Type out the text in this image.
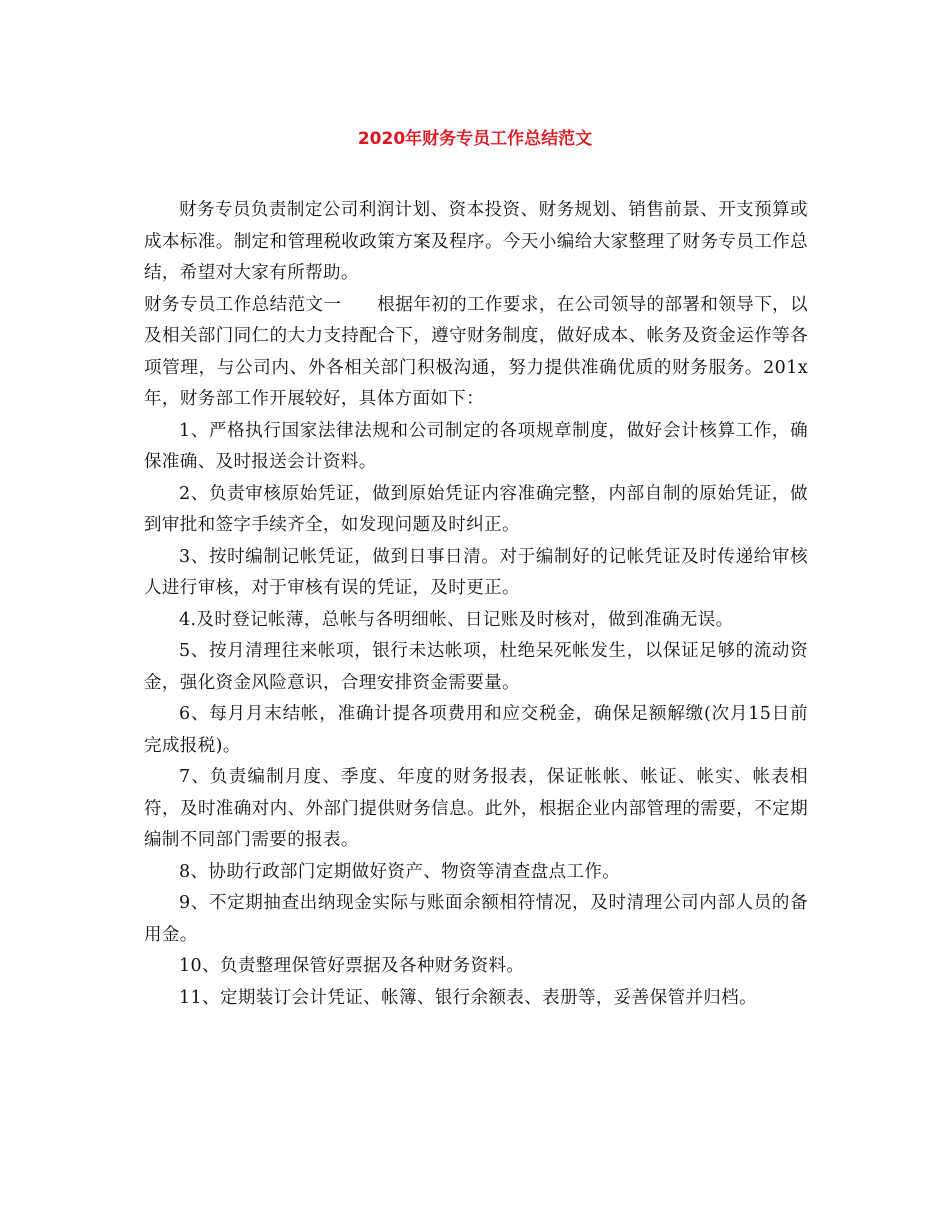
2020年财务专员工作总结范文

财务专员负责制定公司利润计划、资本投资、财务规划、销售前景、开支预算或成本标准。制定和管理税收政策方案及程序。今天小编给大家整理了财务专员工作总结，希望对大家有所帮助。

财务专员工作总结范文一　　根据年初的工作要求，在公司领导的部署和领导下，以及相关部门同仁的大力支持配合下，遵守财务制度，做好成本、帐务及资金运作等各项管理，与公司内、外各相关部门积极沟通，努力提供准确优质的财务服务。201x年，财务部工作开展较好，具体方面如下：

1、严格执行国家法律法规和公司制定的各项规章制度，做好会计核算工作，确保准确、及时报送会计资料。

2、负责审核原始凭证，做到原始凭证内容准确完整，内部自制的原始凭证，做到审批和签字手续齐全，如发现问题及时纠正。

3、按时编制记帐凭证，做到日事日清。对于编制好的记帐凭证及时传递给审核人进行审核，对于审核有误的凭证，及时更正。

4.及时登记帐薄，总帐与各明细帐、日记账及时核对，做到准确无误。

5、按月清理往来帐项，银行未达帐项，杜绝呆死帐发生，以保证足够的流动资金，强化资金风险意识，合理安排资金需要量。

6、每月月末结帐，准确计提各项费用和应交税金，确保足额解缴(次月15日前完成报税)。

7、负责编制月度、季度、年度的财务报表，保证帐帐、帐证、帐实、帐表相符，及时准确对内、外部门提供财务信息。此外，根据企业内部管理的需要，不定期编制不同部门需要的报表。

8、协助行政部门定期做好资产、物资等清查盘点工作。

9、不定期抽查出纳现金实际与账面余额相符情况，及时清理公司内部人员的备用金。

10、负责整理保管好票据及各种财务资料。

11、定期装订会计凭证、帐簿、银行余额表、表册等，妥善保管并归档。
